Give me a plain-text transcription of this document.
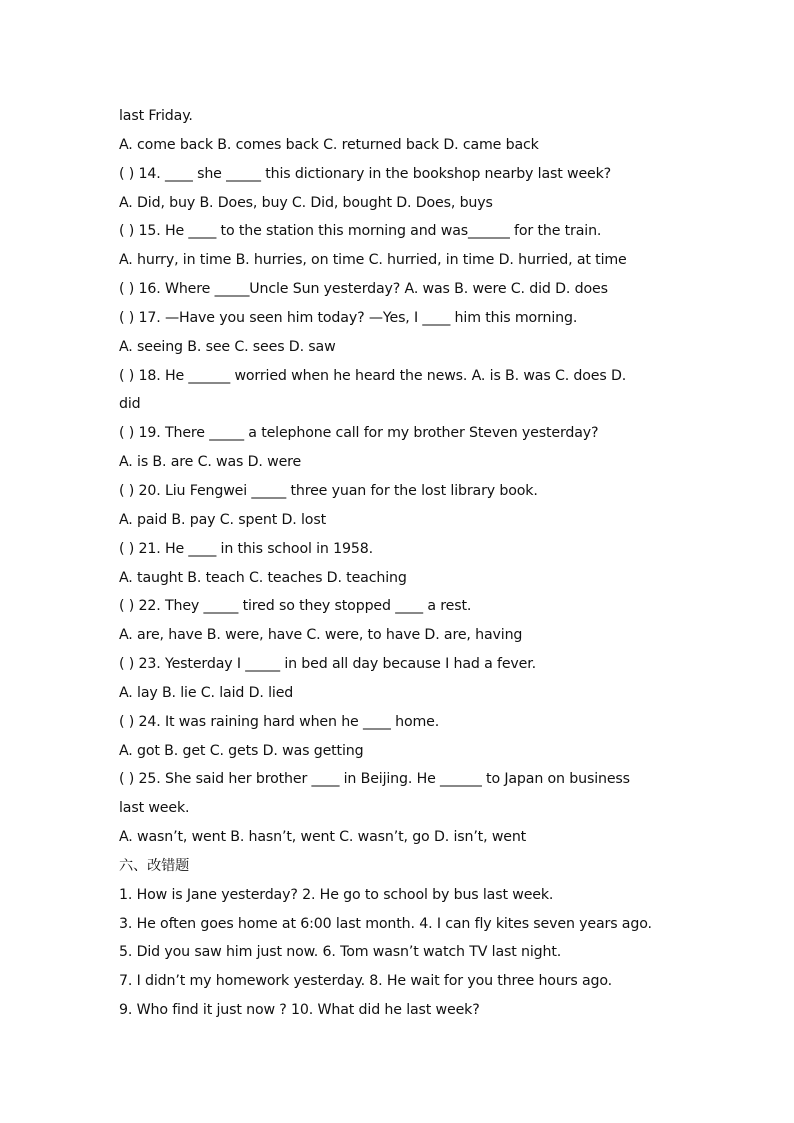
last Friday.
A. come back B. comes back C. returned back D. came back
( ) 14. ____ she _____ this dictionary in the bookshop nearby last week?
A. Did, buy B. Does, buy C. Did, bought D. Does, buys
( ) 15. He ____ to the station this morning and was______ for the train.
A. hurry, in time B. hurries, on time C. hurried, in time D. hurried, at time
( ) 16. Where _____Uncle Sun yesterday? A. was B. were C. did D. does
( ) 17. —Have you seen him today? —Yes, I ____ him this morning.
A. seeing B. see C. sees D. saw
( ) 18. He ______ worried when he heard the news. A. is B. was C. does D.
did
( ) 19. There _____ a telephone call for my brother Steven yesterday?
A. is B. are C. was D. were
( ) 20. Liu Fengwei _____ three yuan for the lost library book.
A. paid B. pay C. spent D. lost
( ) 21. He ____ in this school in 1958.
A. taught B. teach C. teaches D. teaching
( ) 22. They _____ tired so they stopped ____ a rest.
A. are, have B. were, have C. were, to have D. are, having
( ) 23. Yesterday I _____ in bed all day because I had a fever.
A. lay B. lie C. laid D. lied
( ) 24. It was raining hard when he ____ home.
A. got B. get C. gets D. was getting
( ) 25. She said her brother ____ in Beijing. He ______ to Japan on business
last week.
A. wasn’t, went B. hasn’t, went C. wasn’t, go D. isn’t, went
六、改错题
1. How is Jane yesterday? 2. He go to school by bus last week.
3. He often goes home at 6:00 last month. 4. I can fly kites seven years ago.
5. Did you saw him just now. 6. Tom wasn’t watch TV last night.
7. I didn’t my homework yesterday. 8. He wait for you three hours ago.
9. Who find it just now ? 10. What did he last week?
